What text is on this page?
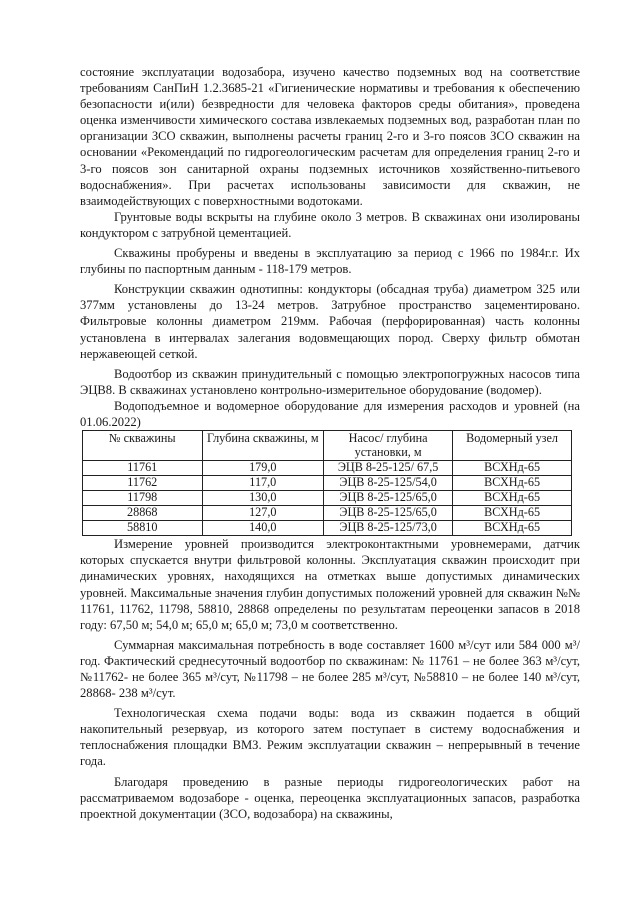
состояние эксплуатации водозабора, изучено качество подземных вод на соответствие требованиям СанПиН 1.2.3685-21 «Гигиенические нормативы и требования к обеспечению безопасности и(или) безвредности для человека факторов среды обитания», проведена оценка изменчивости химического состава извлекаемых подземных вод, разработан план по организации ЗСО скважин, выполнены расчеты границ 2-го и 3-го поясов ЗСО скважин на основании «Рекомендаций по гидрогеологическим расчетам для определения границ 2-го и 3-го поясов зон санитарной охраны подземных источников хозяйственно-питьевого водоснабжения». При расчетах использованы зависимости для скважин, не взаимодействующих с поверхностными водотоками.

Грунтовые воды вскрыты на глубине около 3 метров. В скважинах они изолированы кондуктором с затрубной цементацией.

Скважины пробурены и введены в эксплуатацию за период с 1966 по 1984г.г. Их глубины по паспортным данным - 118-179 метров.

Конструкции скважин однотипны: кондукторы (обсадная труба) диаметром 325 или 377мм установлены до 13-24 метров. Затрубное пространство зацементировано. Фильтровые колонны диаметром 219мм. Рабочая (перфорированная) часть колонны установлена в интервалах залегания водовмещающих пород. Сверху фильтр обмотан нержавеющей сеткой.

Водоотбор из скважин принудительный с помощью электропогружных насосов типа ЭЦВ8. В скважинах установлено контрольно-измерительное оборудование (водомер).

Водоподъемное и водомерное оборудование для измерения расходов и уровней (на 01.06.2022)

№ скважины	Глубина скважины, м	Насос/ глубина установки, м	Водомерный узел
11761	179,0	ЭЦВ 8-25-125/ 67,5	ВСХНд-65
11762	117,0	ЭЦВ 8-25-125/54,0	ВСХНд-65
11798	130,0	ЭЦВ 8-25-125/65,0	ВСХНд-65
28868	127,0	ЭЦВ 8-25-125/65,0	ВСХНд-65
58810	140,0	ЭЦВ 8-25-125/73,0	ВСХНд-65

Измерение уровней производится электроконтактными уровнемерами, датчик которых спускается внутри фильтровой колонны. Эксплуатация скважин происходит при динамических уровнях, находящихся на отметках выше допустимых динамических уровней. Максимальные значения глубин допустимых положений уровней для скважин №№ 11761, 11762, 11798, 58810, 28868 определены по результатам переоценки запасов в 2018 году: 67,50 м; 54,0 м; 65,0 м; 65,0 м; 73,0 м соответственно.

Суммарная максимальная потребность в воде составляет 1600 м³/сут или 584 000 м³/год. Фактический среднесуточный водоотбор по скважинам: № 11761 – не более 363 м³/сут, №11762- не более 365 м³/сут, №11798 – не более 285 м³/сут, №58810 – не более 140 м³/сут, 28868- 238 м³/сут.

Технологическая схема подачи воды: вода из скважин подается в общий накопительный резервуар, из которого затем поступает в систему водоснабжения и теплоснабжения площадки ВМЗ. Режим эксплуатации скважин – непрерывный в течение года.

Благодаря проведению в разные периоды гидрогеологических работ на рассматриваемом водозаборе - оценка, переоценка эксплуатационных запасов, разработка проектной документации (ЗСО, водозабора) на скважины,
